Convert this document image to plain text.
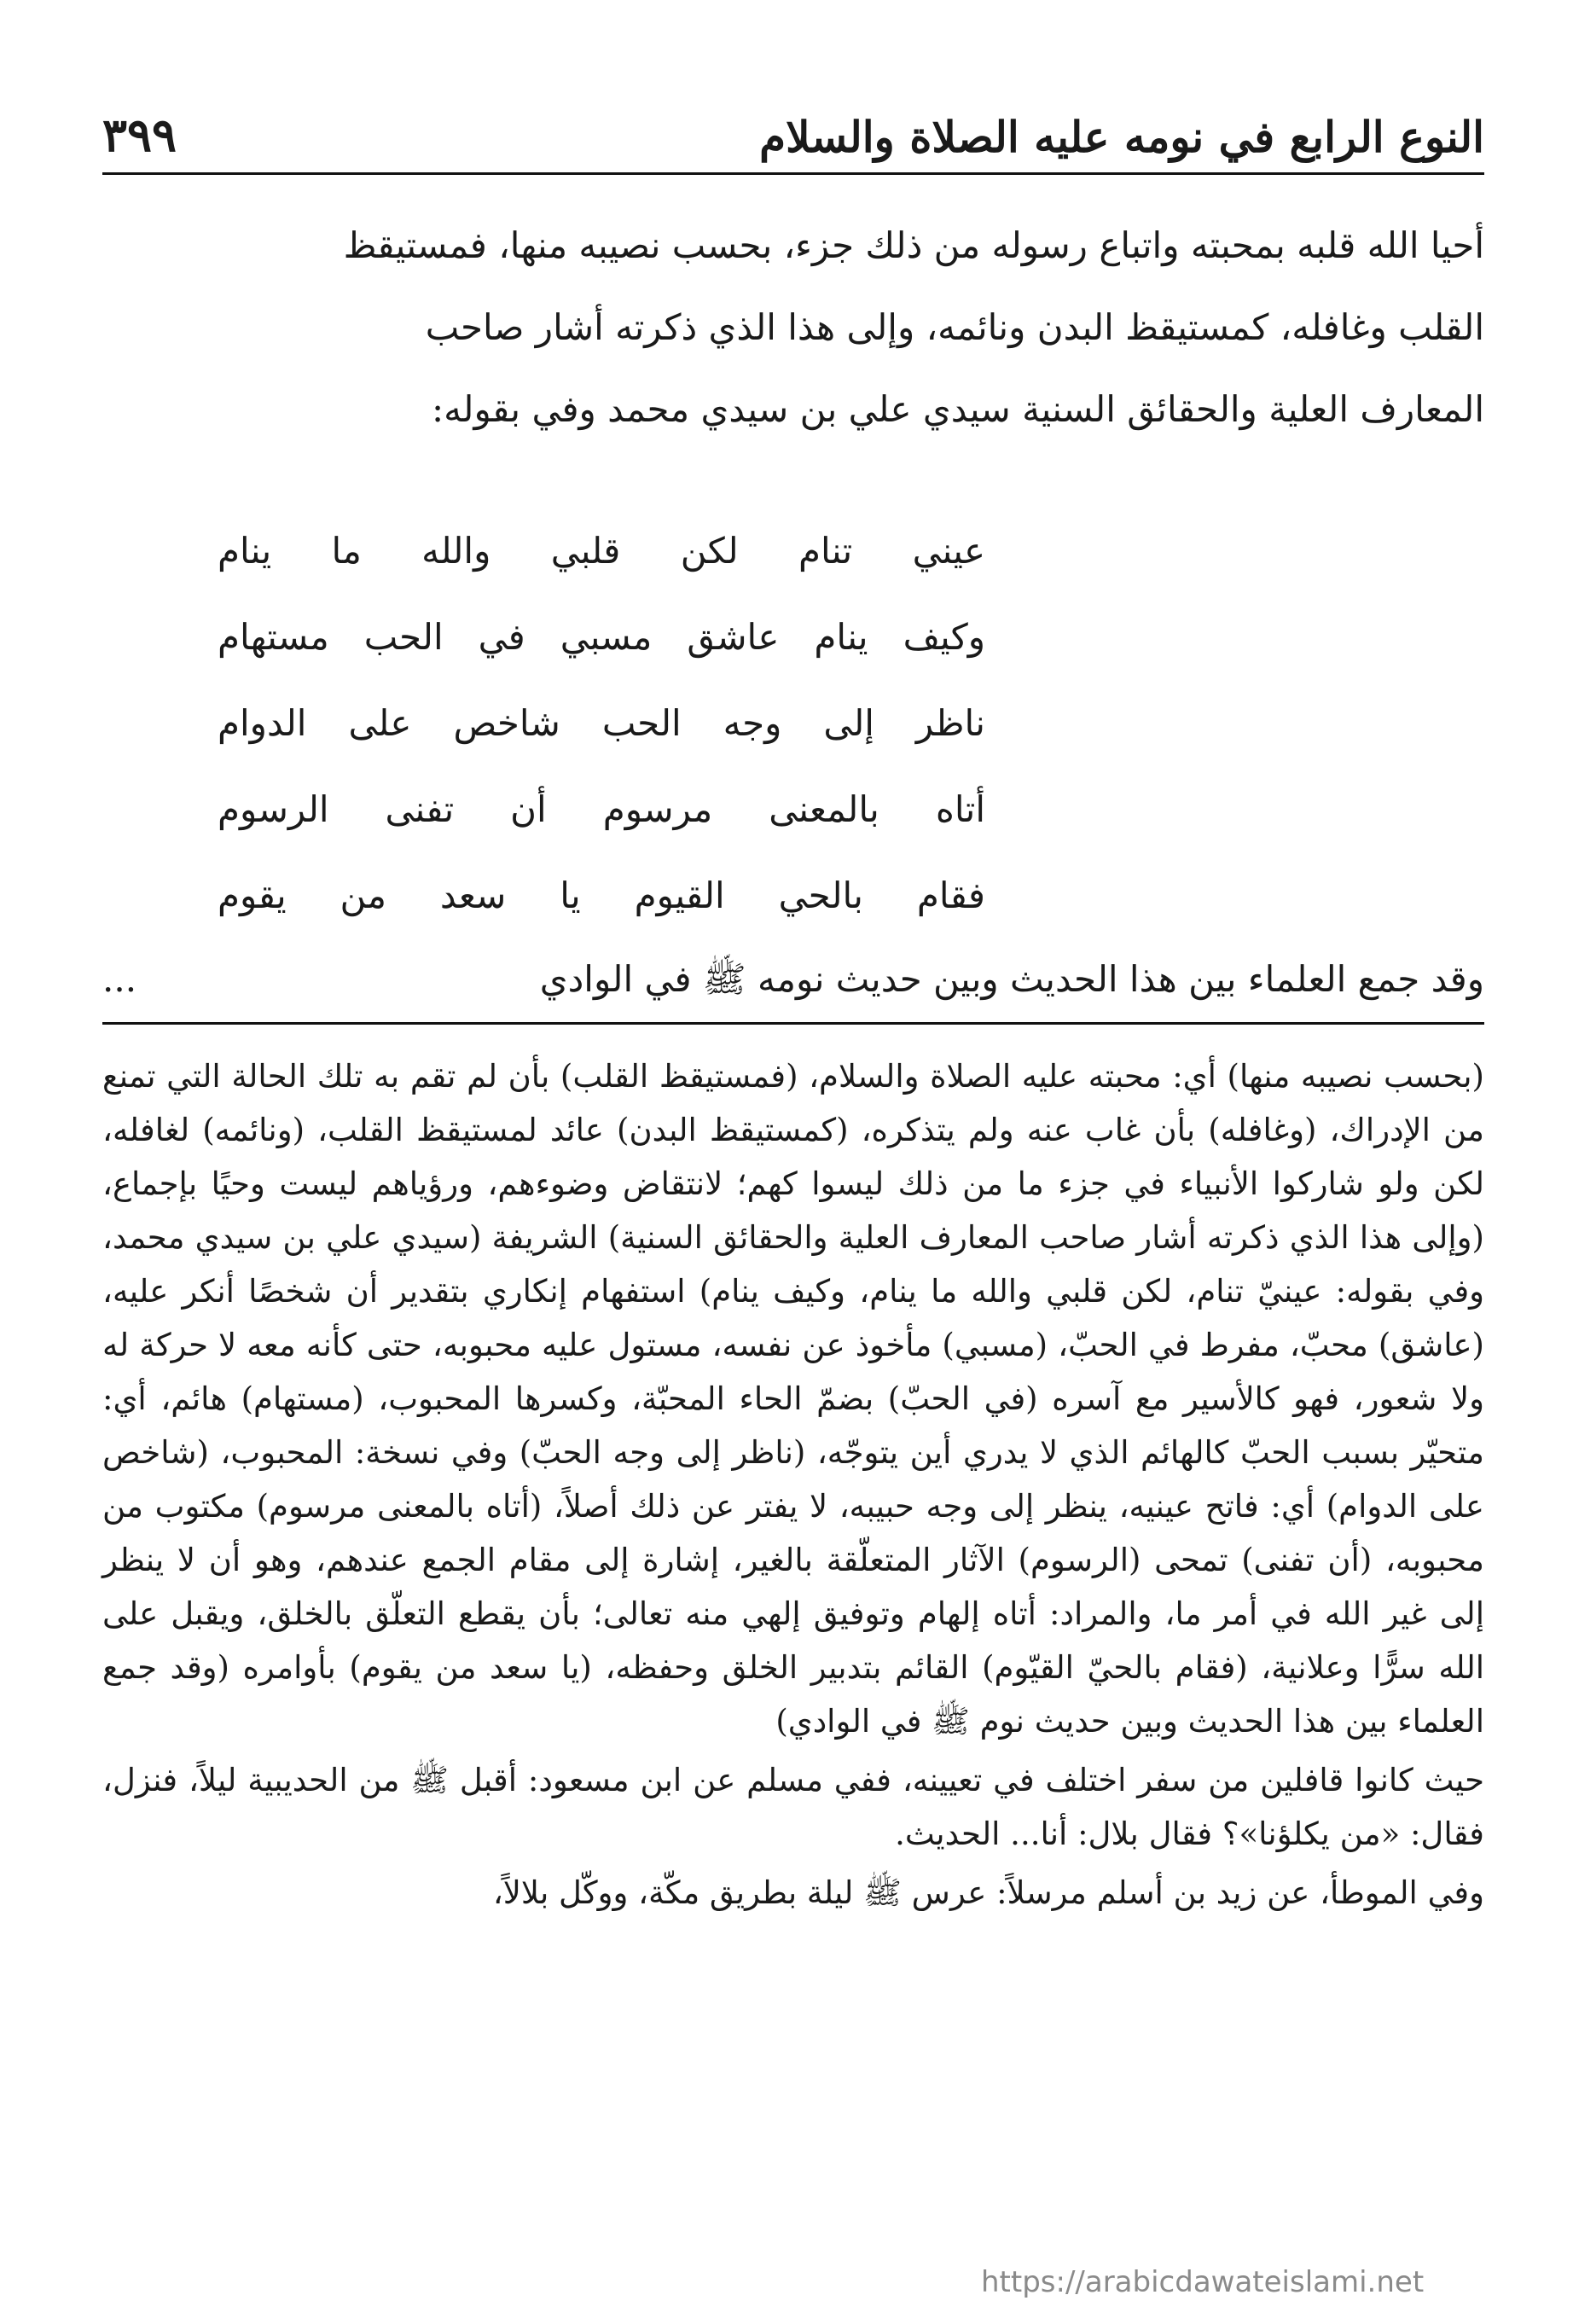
النوع الرابع في نومه عليه الصلاة والسلام
٣٩٩

أحيا الله قلبه بمحبته واتباع رسوله من ذلك جزء، بحسب نصيبه منها، فمستيقظ

القلب وغافله، كمستيقظ البدن ونائمه، وإلى هذا الذي ذكرته أشار صاحب

المعارف العلية والحقائق السنية سيدي علي بن سيدي محمد وفي بقوله:

عيني تنام لكن قلبي والله ما ينام
وكيف ينام عاشق مسبي في الحب مستهام
ناظر إلى وجه الحب شاخص على الدوام
أتاه بالمعنى مرسوم أن تفنى الرسوم
فقام بالحي القيوم يا سعد من يقوم
وقد جمع العلماء بين هذا الحديث وبين حديث نومه ﷺ في الوادي
...

(بحسب نصيبه منها) أي: محبته عليه الصلاة والسلام، (فمستيقظ القلب) بأن لم تقم به تلك الحالة التي تمنع من الإدراك، (وغافله) بأن غاب عنه ولم يتذكره، (كمستيقظ البدن) عائد لمستيقظ القلب، (ونائمه) لغافله، لكن ولو شاركوا الأنبياء في جزء ما من ذلك ليسوا كهم؛ لانتقاض وضوءهم، ورؤياهم ليست وحيًا بإجماع، (وإلى هذا الذي ذكرته أشار صاحب المعارف العلية والحقائق السنية) الشريفة (سيدي علي بن سيدي محمد، وفي بقوله: عينيّ تنام، لكن قلبي والله ما ينام، وكيف ينام) استفهام إنكاري بتقدير أن شخصًا أنكر عليه، (عاشق) محبّ، مفرط في الحبّ، (مسبي) مأخوذ عن نفسه، مستول عليه محبوبه، حتى كأنه معه لا حركة له ولا شعور، فهو كالأسير مع آسره (في الحبّ) بضمّ الحاء المحبّة، وكسرها المحبوب، (مستهام) هائم، أي: متحيّر بسبب الحبّ كالهائم الذي لا يدري أين يتوجّه، (ناظر إلى وجه الحبّ) وفي نسخة: المحبوب، (شاخص على الدوام) أي: فاتح عينيه، ينظر إلى وجه حبيبه، لا يفتر عن ذلك أصلاً، (أتاه بالمعنى مرسوم) مكتوب من محبوبه، (أن تفنى) تمحى (الرسوم) الآثار المتعلّقة بالغير، إشارة إلى مقام الجمع عندهم، وهو أن لا ينظر إلى غير الله في أمر ما، والمراد: أتاه إلهام وتوفيق إلهي منه تعالى؛ بأن يقطع التعلّق بالخلق، ويقبل على الله سرًّا وعلانية، (فقام بالحيّ القيّوم) القائم بتدبير الخلق وحفظه، (يا سعد من يقوم) بأوامره (وقد جمع العلماء بين هذا الحديث وبين حديث نوم ﷺ في الوادي)

حيث كانوا قافلين من سفر اختلف في تعيينه، ففي مسلم عن ابن مسعود: أقبل ﷺ من الحديبية ليلاً، فنزل، فقال: «من يكلؤنا»؟ فقال بلال: أنا... الحديث.

وفي الموطأ، عن زيد بن أسلم مرسلاً: عرس ﷺ ليلة بطريق مكّة، ووكّل بلالاً،

https://arabicdawateislami.net
